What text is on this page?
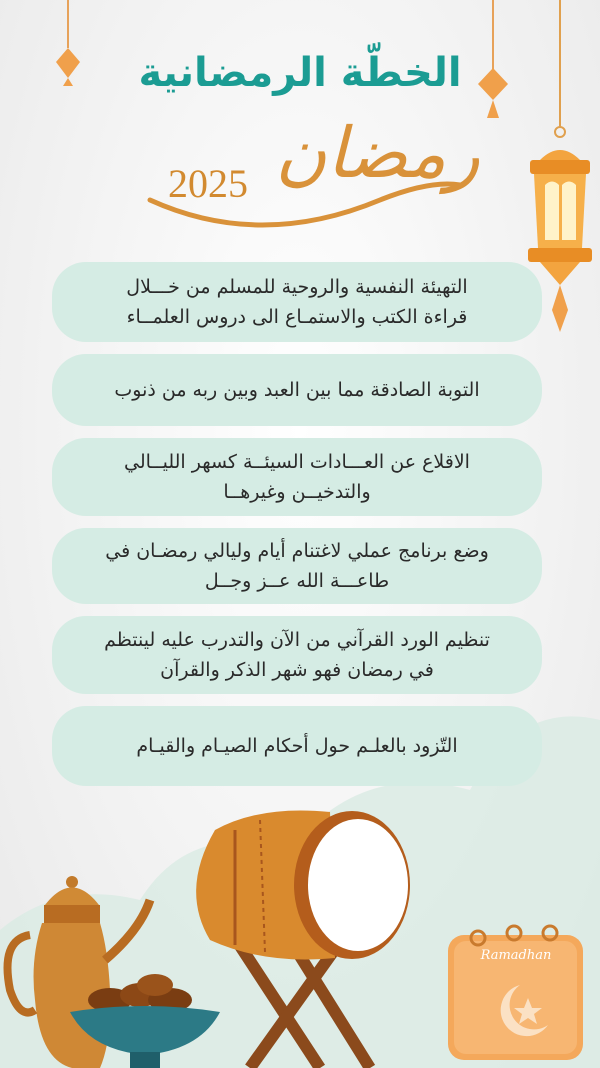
الخطّة الرمضانية
رمضان
2025
التهيئة النفسية والروحية للمسلم من خـــلال
قراءة الكتب والاستمـاع الى دروس العلمــاء
التوبة الصادقة مما بين العبد وبين ربه من ذنوب
الاقلاع عن العـــادات السيئــة كسهر الليــالي
والتدخيــن وغيرهــا
وضع برنامج عملي لاغتنام أيام وليالي رمضـان في
طاعـــة الله عــز وجــل
تنظيم الورد القرآني من الآن والتدرب عليه لينتظم
في رمضان فهو شهر الذكر والقرآن
التّزود بالعلـم حول أحكام الصيـام والقيـام
Ramadhan
